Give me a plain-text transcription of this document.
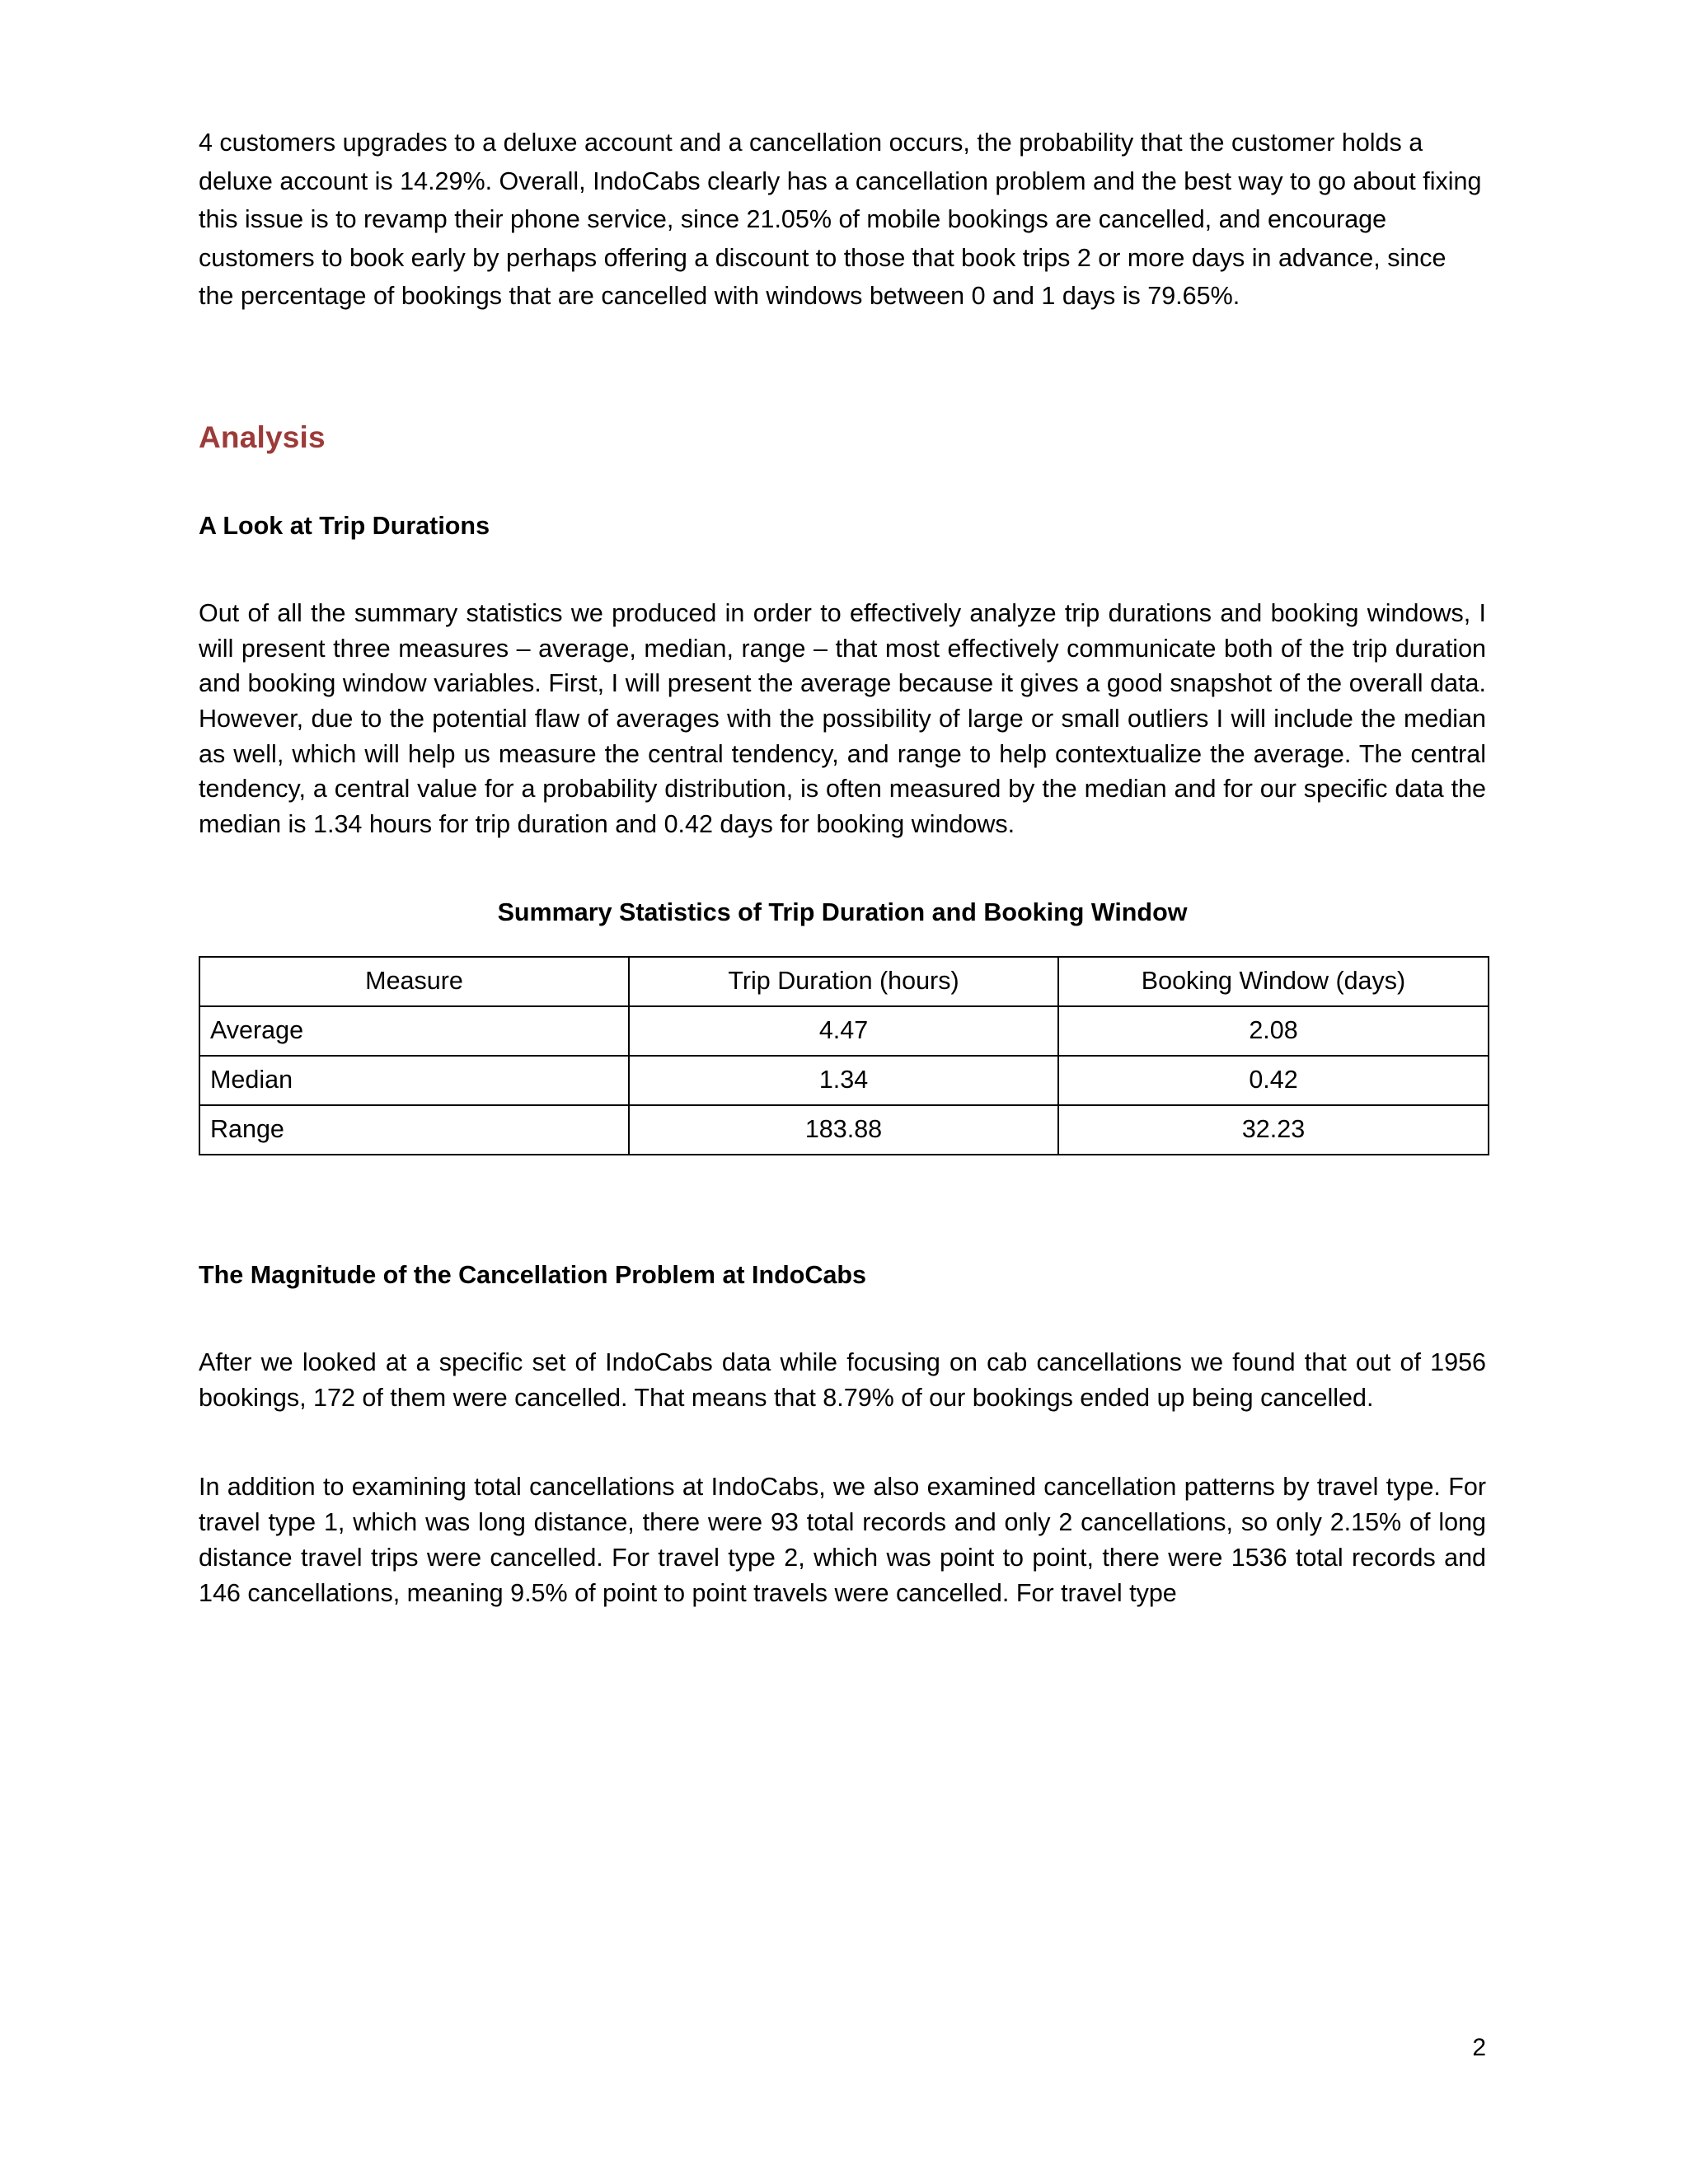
4 customers upgrades to a deluxe account and a cancellation occurs, the probability that the customer holds a deluxe account is 14.29%. Overall, IndoCabs clearly has a cancellation problem and the best way to go about fixing this issue is to revamp their phone service, since 21.05% of mobile bookings are cancelled, and encourage customers to book early by perhaps offering a discount to those that book trips 2 or more days in advance, since the percentage of bookings that are cancelled with windows between 0 and 1 days is 79.65%.

Analysis
A Look at Trip Durations

Out of all the summary statistics we produced in order to effectively analyze trip durations and booking windows, I will present three measures – average, median, range – that most effectively communicate both of the trip duration and booking window variables. First, I will present the average because it gives a good snapshot of the overall data. However, due to the potential flaw of averages with the possibility of large or small outliers I will include the median as well, which will help us measure the central tendency, and range to help contextualize the average. The central tendency, a central value for a probability distribution, is often measured by the median and for our specific data the median is 1.34 hours for trip duration and 0.42 days for booking windows.

Summary Statistics of Trip Duration and Booking Window

Measure	Trip Duration (hours)	Booking Window (days)
Average	4.47	2.08
Median	1.34	0.42
Range	183.88	32.23
The Magnitude of the Cancellation Problem at IndoCabs

After we looked at a specific set of IndoCabs data while focusing on cab cancellations we found that out of 1956 bookings, 172 of them were cancelled. That means that 8.79% of our bookings ended up being cancelled.

In addition to examining total cancellations at IndoCabs, we also examined cancellation patterns by travel type. For travel type 1, which was long distance, there were 93 total records and only 2 cancellations, so only 2.15% of long distance travel trips were cancelled. For travel type 2, which was point to point, there were 1536 total records and 146 cancellations, meaning 9.5% of point to point travels were cancelled. For travel type

2
